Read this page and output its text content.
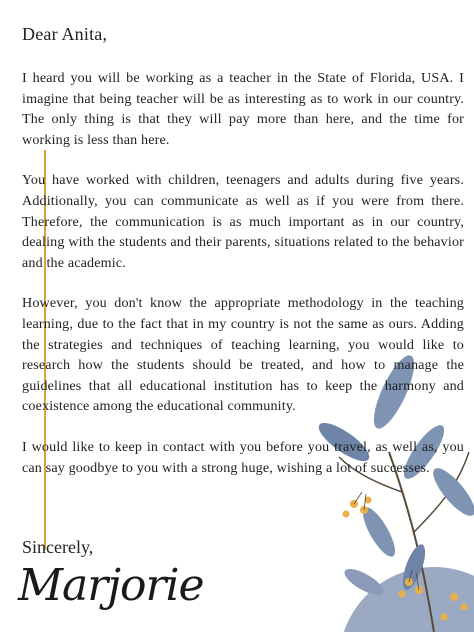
Dear Anita,

I heard you will be working as a teacher in the State of Florida, USA. I imagine that being teacher will be as interesting as to work in our country. The only thing is that they will pay more than here, and the time for working is less than here.

You have worked with children, teenagers and adults during five years. Additionally, you can communicate as well as if you were from there. Therefore, the communication is as much important as in our country, dealing with the students and their parents, situations related to the behavior and the academic.

However, you don't know the appropriate methodology in the teaching learning, due to the fact that in my country is not the same as ours. Adding the strategies and techniques of teaching learning, you would like to research how the students should be treated, and how to manage the guidelines that all educational institution has to keep the harmony and coexistence among the educational community.

I would like to keep in contact with you before you travel, as well as, you can say goodbye to you with a strong huge, wishing a lot of successes.

Sincerely,
Marjorie
